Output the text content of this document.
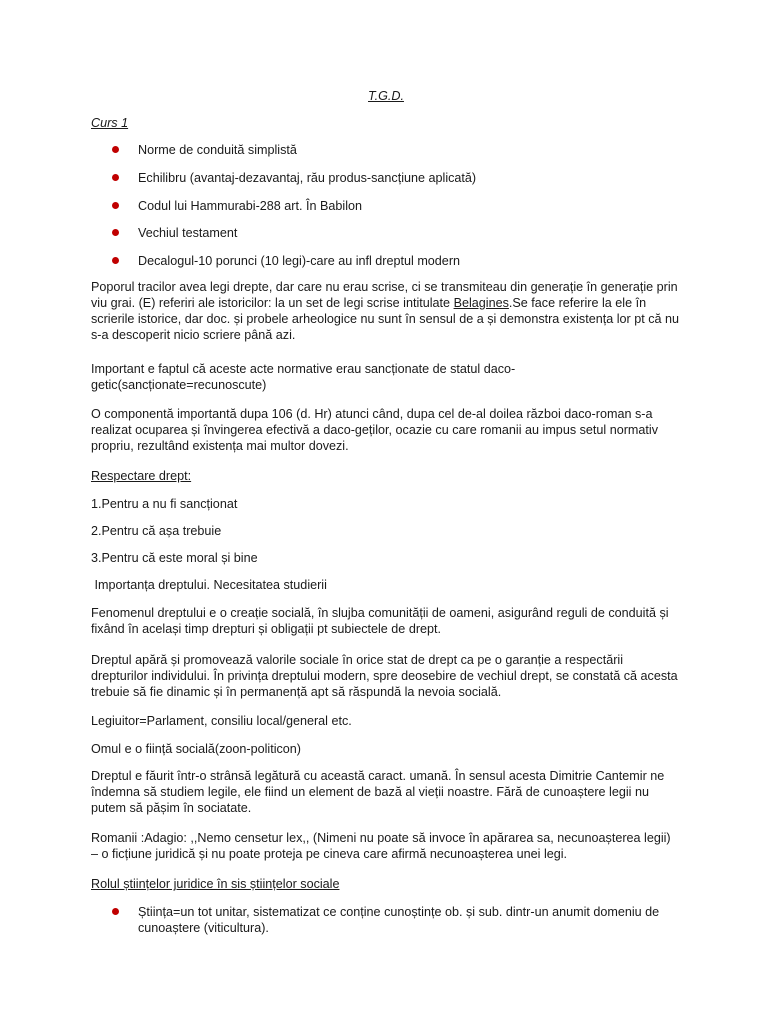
T.G.D.
Curs 1
Norme de conduită simplistă
Echilibru (avantaj-dezavantaj, rău produs-sancțiune aplicată)
Codul lui Hammurabi-288 art. În Babilon
Vechiul testament
Decalogul-10 porunci (10 legi)-care au infl dreptul modern

Poporul tracilor avea legi drepte, dar care nu erau scrise, ci se transmiteau din generație în generație prin viu grai. (E) referiri ale istoricilor: la un set de legi scrise intitulate Belagines.Se face referire la ele în scrierile istorice, dar doc. și probele arheologice nu sunt în sensul de a și demonstra existența lor pt că nu s-a descoperit nicio scriere până azi.

Important e faptul că aceste acte normative erau sancționate de statul daco-getic(sancționate=recunoscute)

O componentă importantă dupa 106 (d. Hr) atunci când, dupa cel de-al doilea război daco-roman s-a realizat ocuparea și învingerea efectivă a daco-geților, ocazie cu care romanii au impus setul normativ propriu, rezultând existența mai multor dovezi.

Respectare drept:

1.Pentru a nu fi sancționat

2.Pentru că așa trebuie

3.Pentru că este moral și bine

Importanța dreptului. Necesitatea studierii

Fenomenul dreptului e o creație socială, în slujba comunității de oameni, asigurând reguli de conduită și fixând în același timp drepturi și obligații pt subiectele de drept.

Dreptul apără și promovează valorile sociale în orice stat de drept ca pe o garanție a respectării drepturilor individului. În privința dreptului modern, spre deosebire de vechiul drept, se constată că acesta trebuie să fie dinamic și în permanență apt să răspundă la nevoia socială.

Legiuitor=Parlament, consiliu local/general etc.

Omul e o ființă socială(zoon-politicon)

Dreptul e făurit într-o strânsă legătură cu această caract. umană. În sensul acesta Dimitrie Cantemir ne îndemna să studiem legile, ele fiind un element de bază al vieții noastre. Fără de cunoaștere legii nu putem să pășim în sociatate.

Romanii :Adagio: ,,Nemo censetur lex,, (Nimeni nu poate să invoce în apărarea sa, necunoașterea legii) – o ficțiune juridică și nu poate proteja pe cineva care afirmă necunoașterea unei legi.

Rolul științelor juridice în sis științelor sociale

Știința=un tot unitar, sistematizat ce conține cunoștințe ob. și sub. dintr-un anumit domeniu de cunoaștere (viticultura).
